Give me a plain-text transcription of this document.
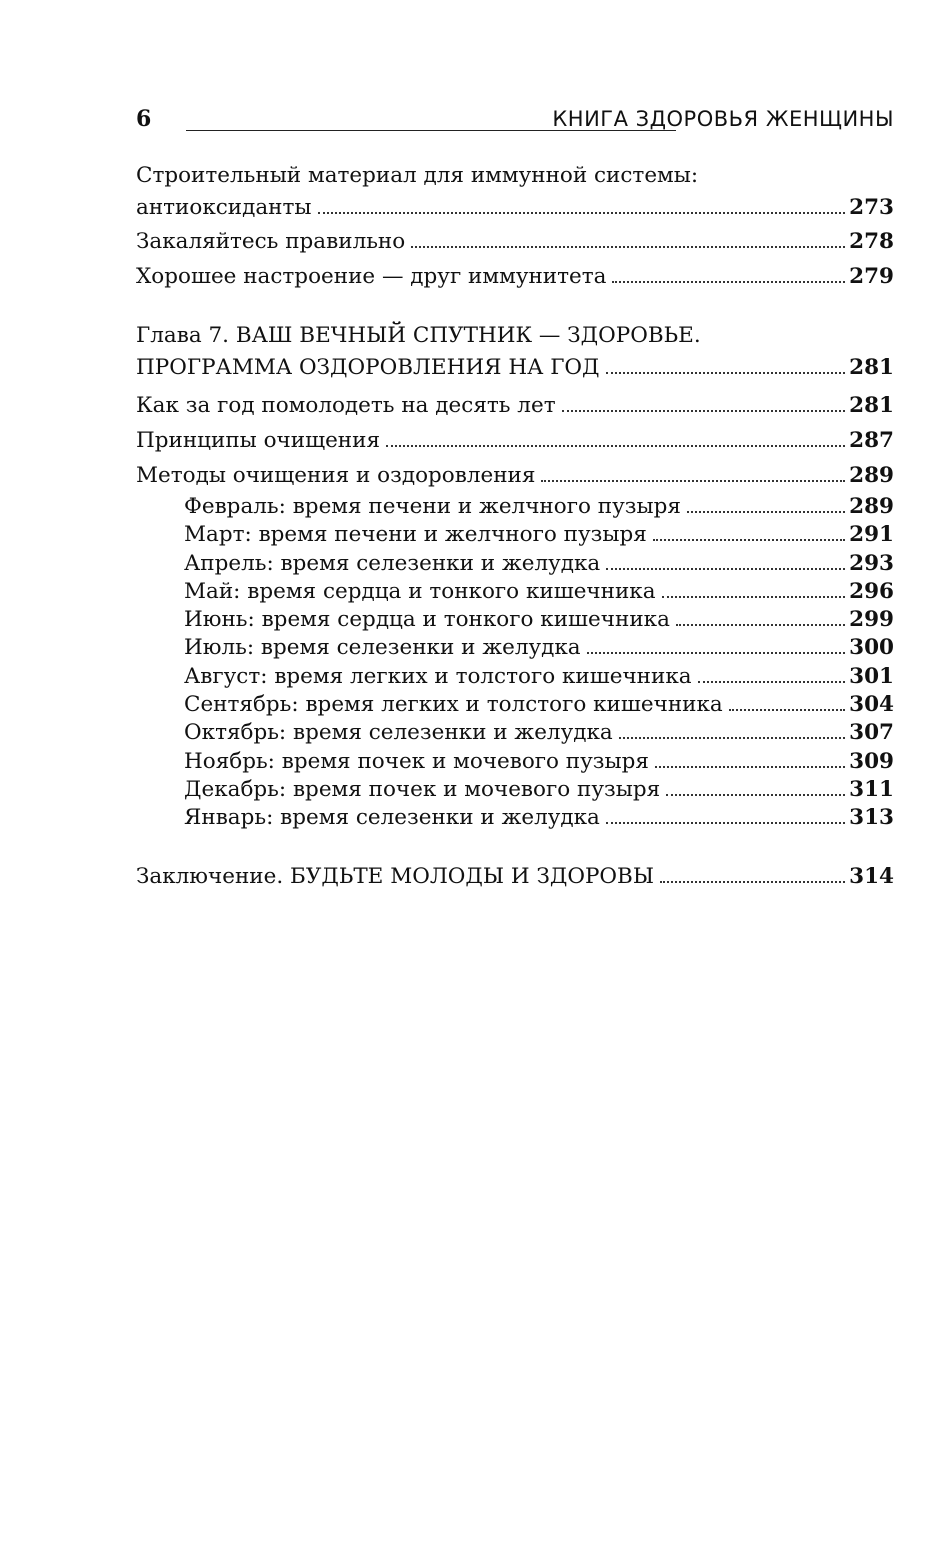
6	КНИГА ЗДОРОВЬЯ ЖЕНЩИНЫ
Строительный материал для иммунной системы:
антиоксиданты	273
Закаляйтесь правильно	278
Хорошее настроение — друг иммунитета	279
Глава 7. ВАШ ВЕЧНЫЙ СПУТНИК — ЗДОРОВЬЕ.
ПРОГРАММА ОЗДОРОВЛЕНИЯ НА ГОД	281
Как за год помолодеть на десять лет	281
Принципы очищения	287
Методы очищения и оздоровления	289
Февраль: время печени и желчного пузыря	289
Март: время печени и желчного пузыря	291
Апрель: время селезенки и желудка	293
Май: время сердца и тонкого кишечника	296
Июнь: время сердца и тонкого кишечника	299
Июль: время селезенки и желудка	300
Август: время легких и толстого кишечника	301
Сентябрь: время легких и толстого кишечника	304
Октябрь: время селезенки и желудка	307
Ноябрь: время почек и мочевого пузыря	309
Декабрь: время почек и мочевого пузыря	311
Январь: время селезенки и желудка	313
Заключение. БУДЬТЕ МОЛОДЫ И ЗДОРОВЫ	314
